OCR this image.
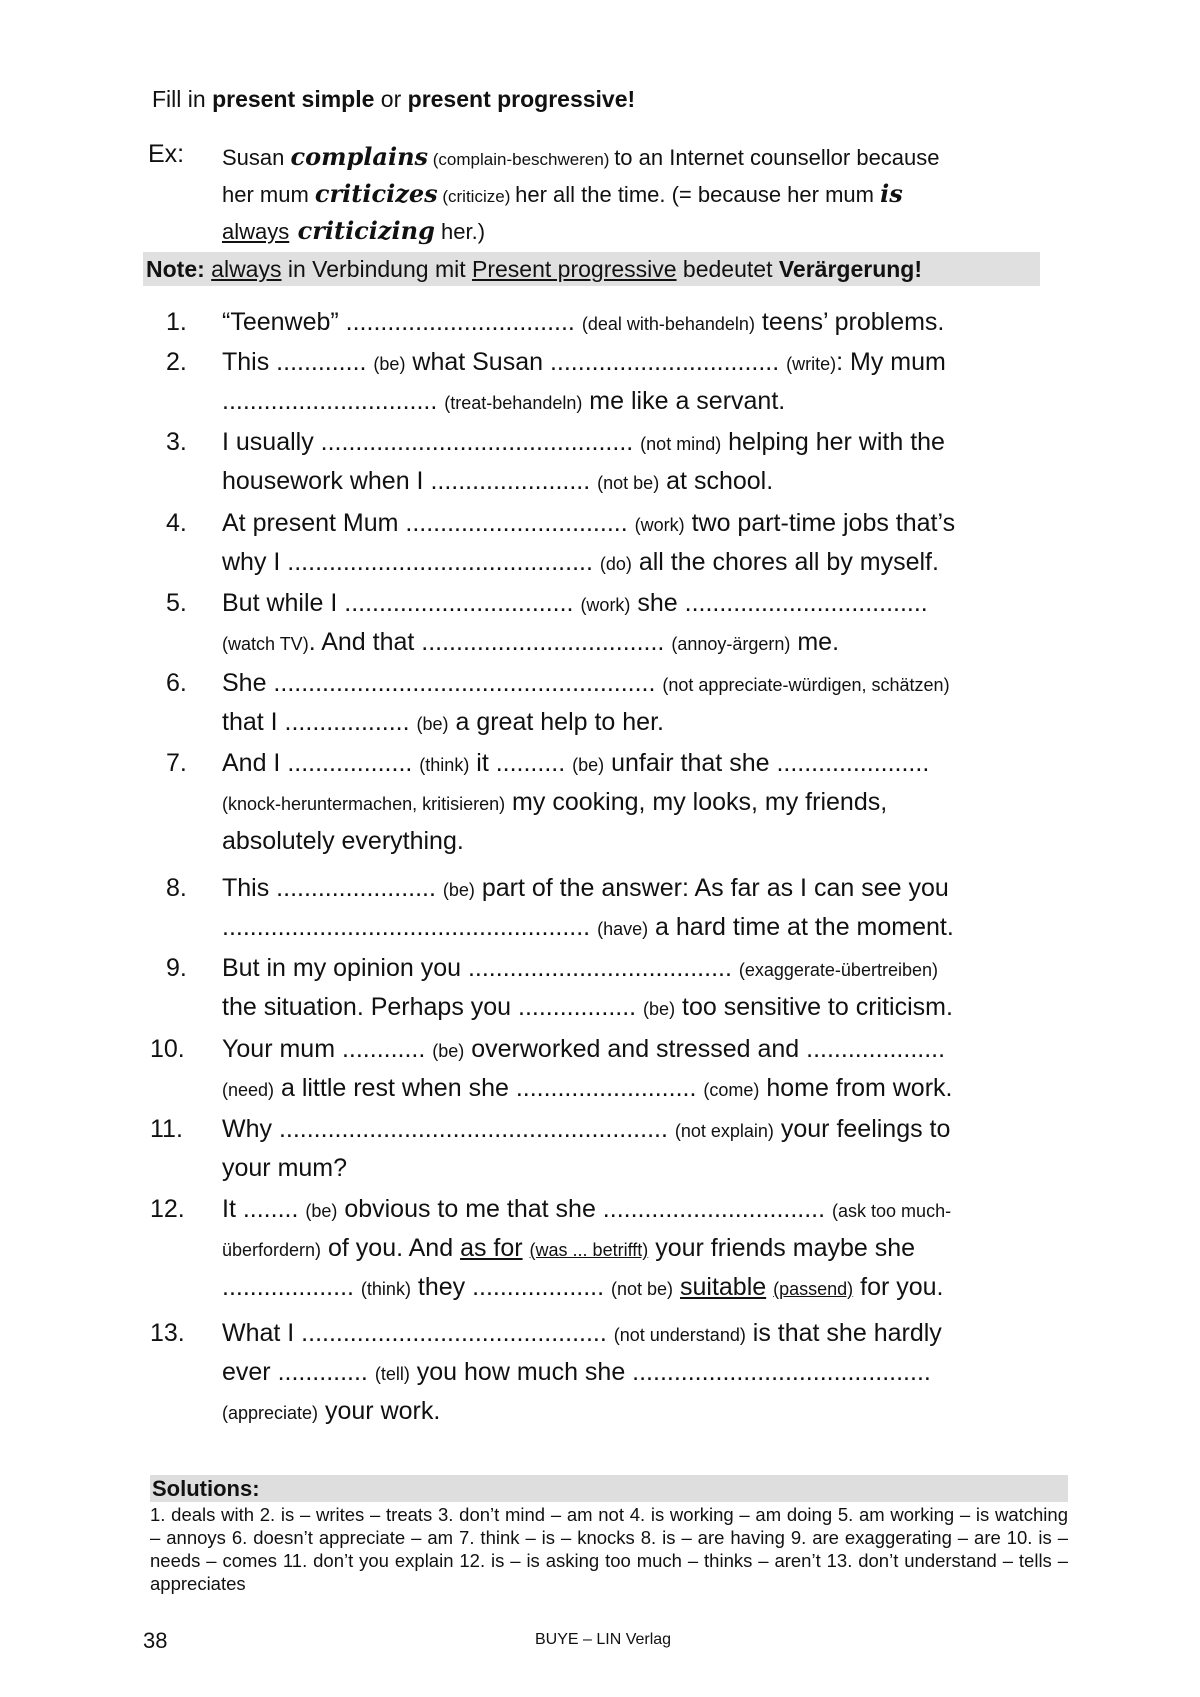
Fill in present simple or present progressive!
Ex: Susan complains (complain-beschweren) to an Internet counsellor because
her mum criticizes (criticize) her all the time. (= because her mum is
always criticizing her.)
Note: always in Verbindung mit Present progressive bedeutet Verärgerung!
1.	“Teenweb” ................................. (deal with-behandeln) teens’ problems.
2.	This ............. (be) what Susan ................................. (write): My mum
............................... (treat-behandeln) me like a servant.
3.	I usually ............................................. (not mind) helping her with the
housework when I ....................... (not be) at school.
4.	At present Mum ................................ (work) two part-time jobs that’s
why I ............................................ (do) all the chores all by myself.
5.	But while I ................................. (work) she ...................................
(watch TV). And that ................................... (annoy-ärgern) me.
6.	She ....................................................... (not appreciate-würdigen, schätzen)
that I .................. (be) a great help to her.
7.	And I .................. (think) it .......... (be) unfair that she ......................
(knock-heruntermachen, kritisieren) my cooking, my looks, my friends,
absolutely everything.
8.	This ....................... (be) part of the answer: As far as I can see you
..................................................... (have) a hard time at the moment.
9.	But in my opinion you ...................................... (exaggerate-übertreiben)
the situation. Perhaps you ................. (be) too sensitive to criticism.
10. Your mum ............ (be) overworked and stressed and ....................
(need) a little rest when she .......................... (come) home from work.
11. Why ........................................................ (not explain) your feelings to
your mum?
12. It ........ (be) obvious to me that she ................................ (ask too much-
überfordern) of you. And as for (was ... betrifft) your friends maybe she
................... (think) they ................... (not be) suitable (passend) for you.
13. What I ............................................ (not understand) is that she hardly
ever ............. (tell) you how much she ...........................................
(appreciate) your work.
Solutions:
1. deals with 2. is – writes – treats 3. don’t mind – am not 4. is working – am doing 5. am working – is watching – annoys 6. doesn’t appreciate – am 7. think – is – knocks 8. is – are having 9. are exaggerating – are 10. is – needs – comes 11. don’t you explain 12. is – is asking too much – thinks – aren’t 13. don’t understand – tells – appreciates
38	BUYE – LIN Verlag
